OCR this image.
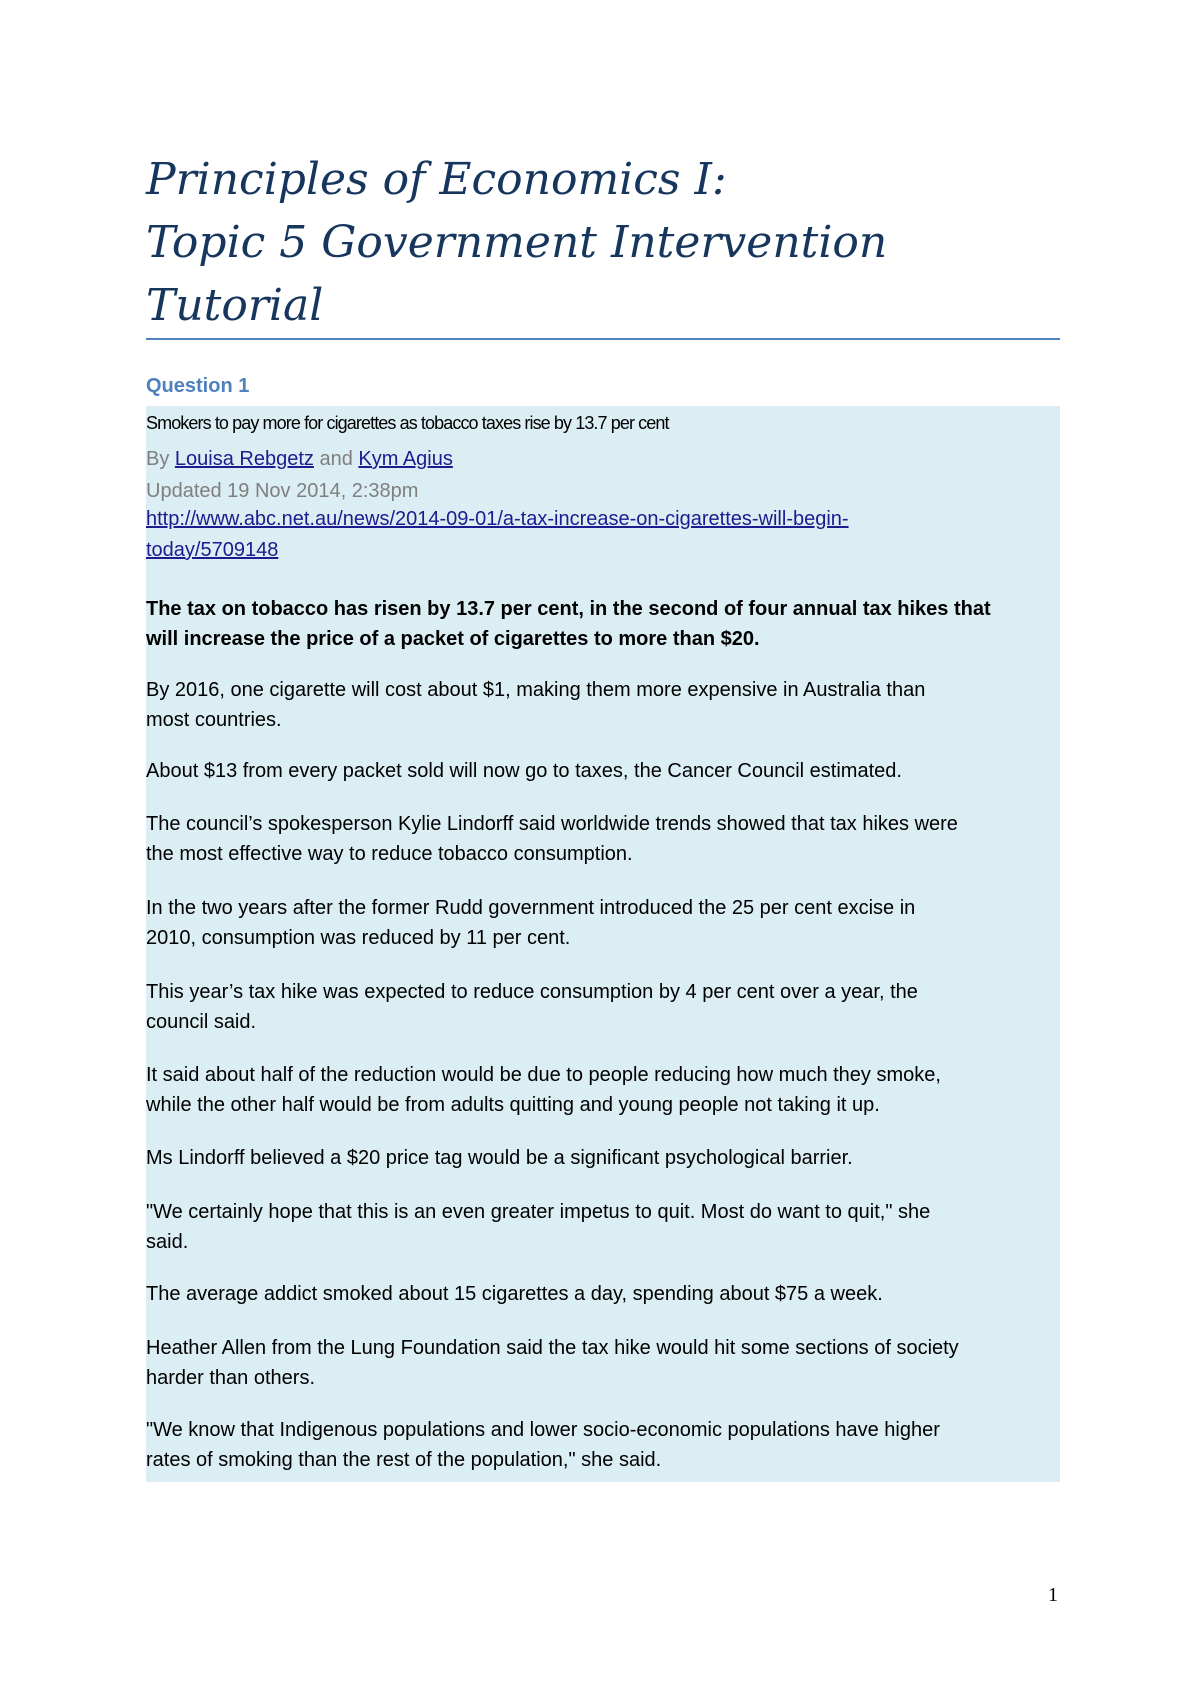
Principles of Economics I:
Topic 5 Government Intervention
Tutorial
Question 1
Smokers to pay more for cigarettes as tobacco taxes rise by 13.7 per cent
By Louisa Rebgetz and Kym Agius
Updated 19 Nov 2014, 2:38pm
http://www.abc.net.au/news/2014-09-01/a-tax-increase-on-cigarettes-will-begin-
today/5709148
The tax on tobacco has risen by 13.7 per cent, in the second of four annual tax hikes that
will increase the price of a packet of cigarettes to more than $20.
By 2016, one cigarette will cost about $1, making them more expensive in Australia than
most countries.
About $13 from every packet sold will now go to taxes, the Cancer Council estimated.
The council’s spokesperson Kylie Lindorff said worldwide trends showed that tax hikes were
the most effective way to reduce tobacco consumption.
In the two years after the former Rudd government introduced the 25 per cent excise in
2010, consumption was reduced by 11 per cent.
This year’s tax hike was expected to reduce consumption by 4 per cent over a year, the
council said.
It said about half of the reduction would be due to people reducing how much they smoke,
while the other half would be from adults quitting and young people not taking it up.
Ms Lindorff believed a $20 price tag would be a significant psychological barrier.
"We certainly hope that this is an even greater impetus to quit. Most do want to quit," she
said.
The average addict smoked about 15 cigarettes a day, spending about $75 a week.
Heather Allen from the Lung Foundation said the tax hike would hit some sections of society
harder than others.
"We know that Indigenous populations and lower socio-economic populations have higher
rates of smoking than the rest of the population," she said.
1
